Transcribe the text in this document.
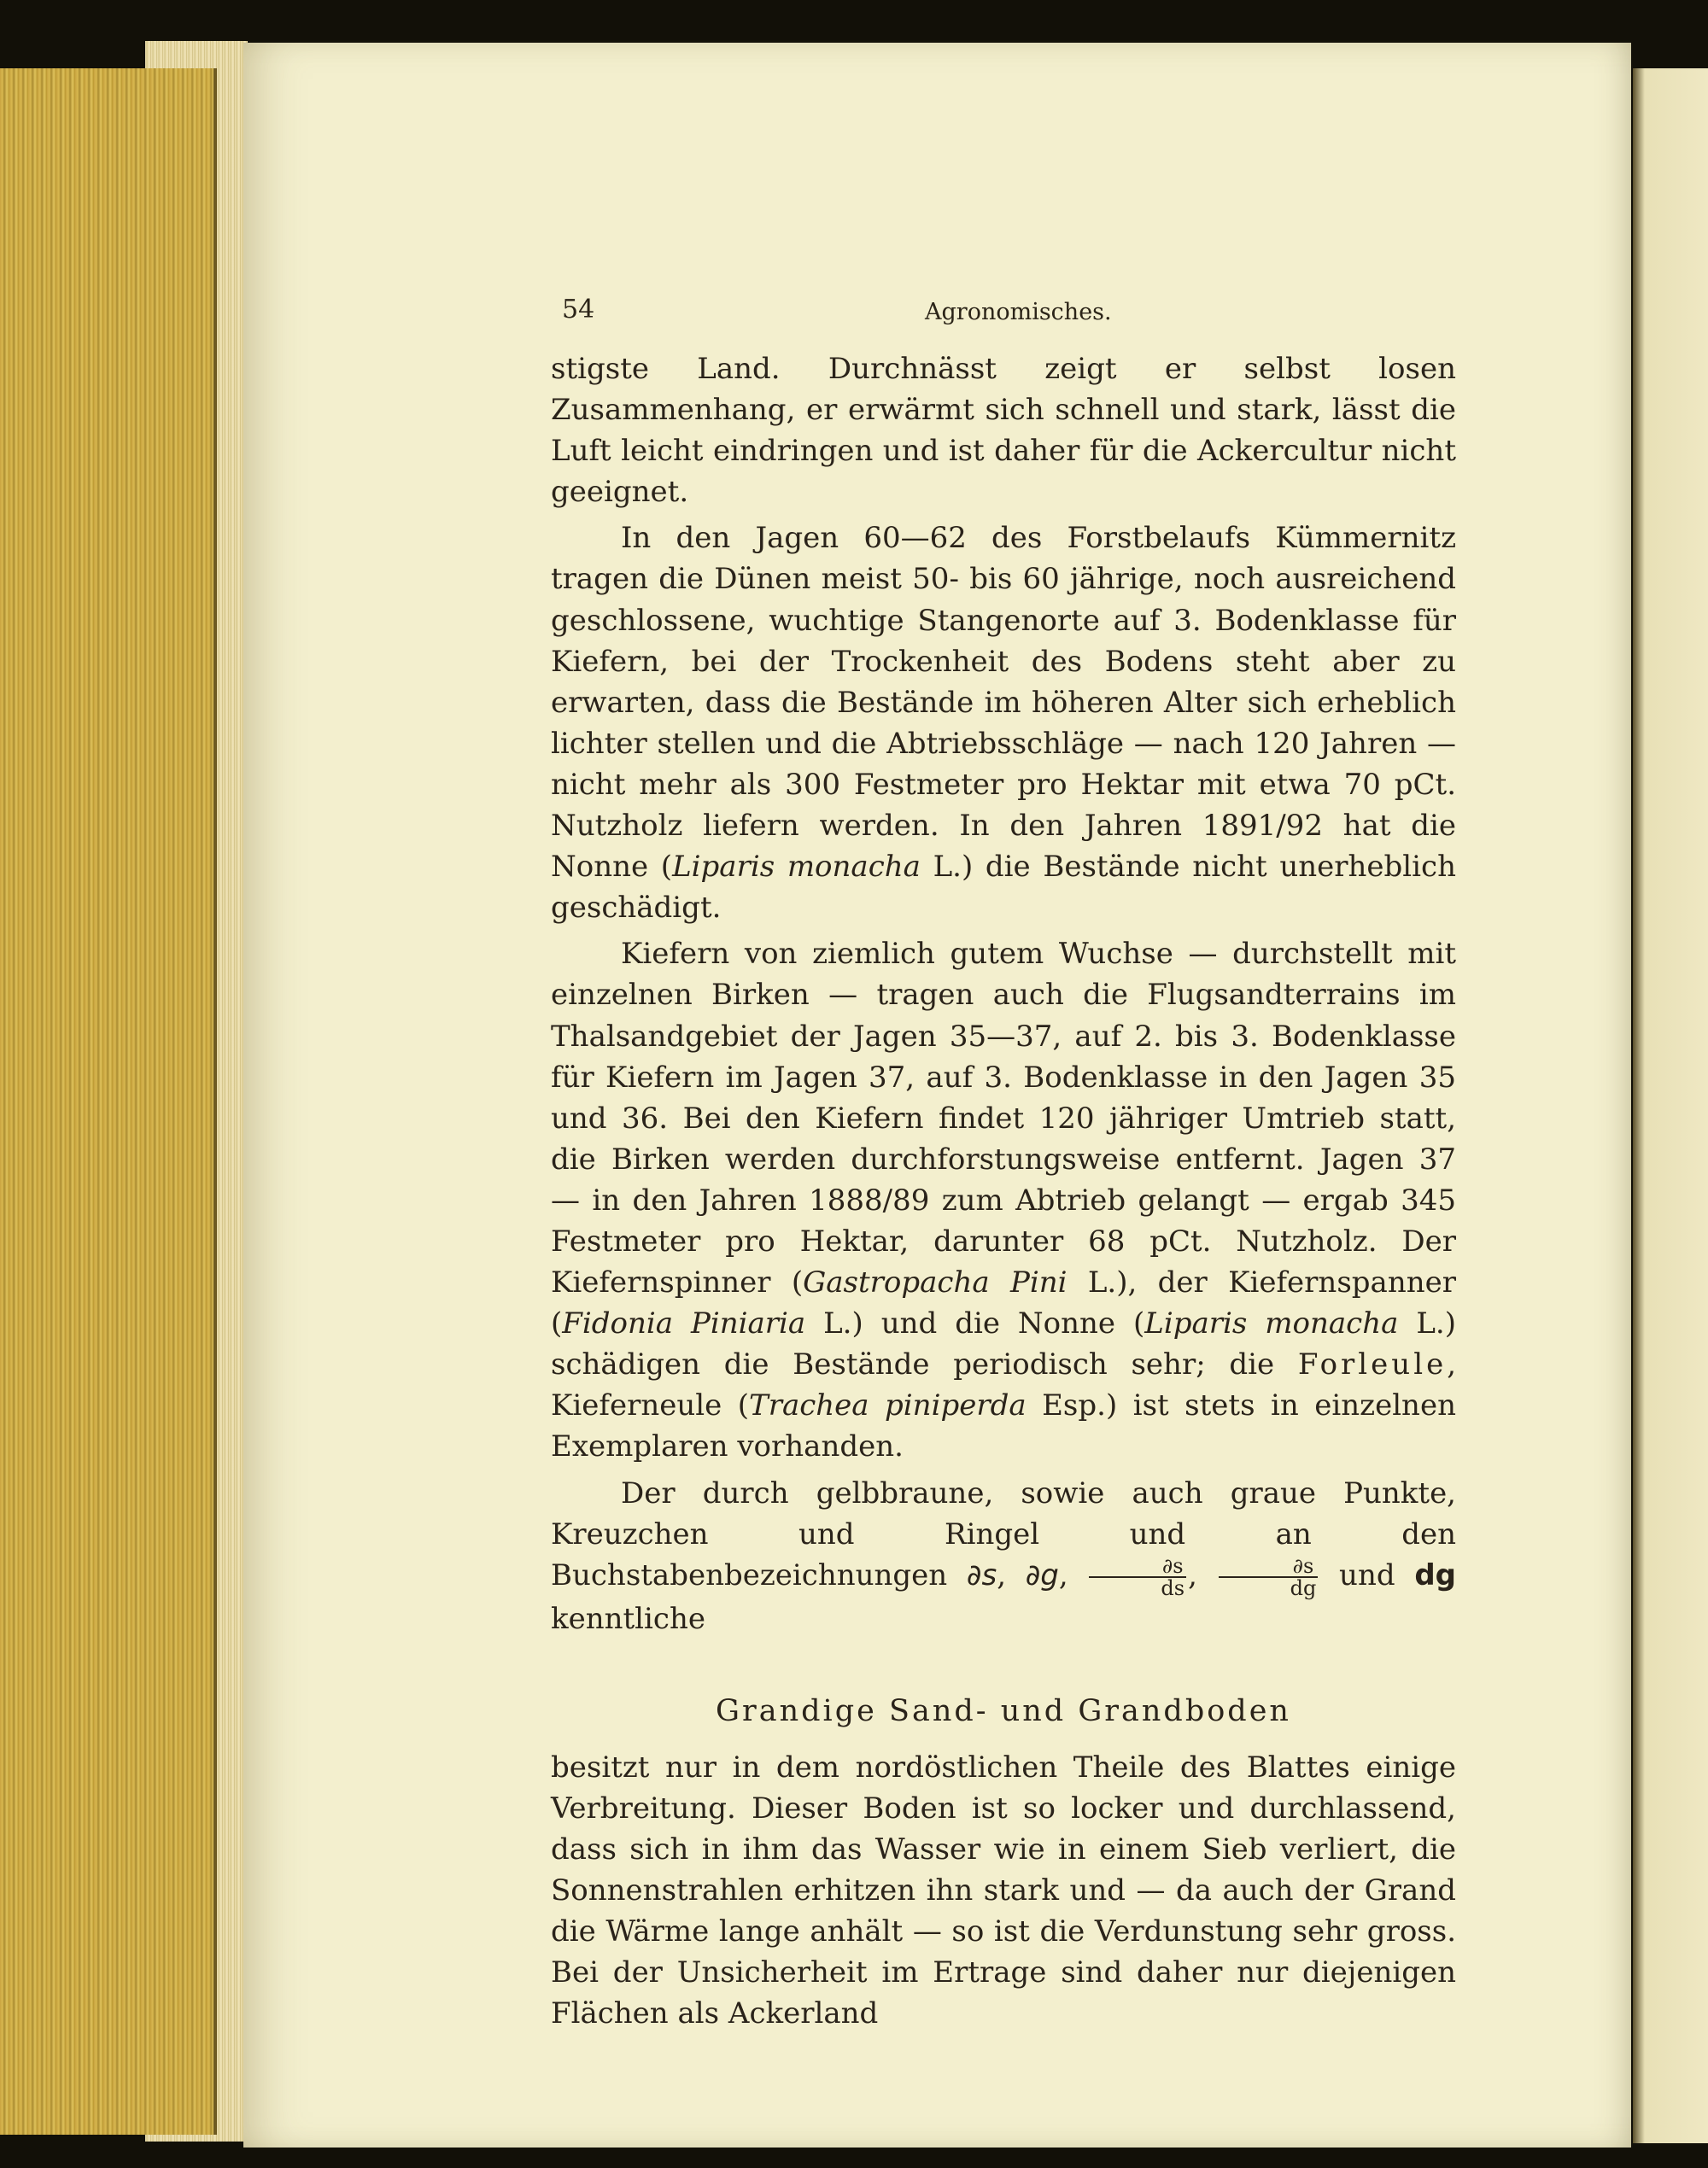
54	Agronomisches.

stigste Land. Durchnässt zeigt er selbst losen Zusammenhang, er erwärmt sich schnell und stark, lässt die Luft leicht eindringen und ist daher für die Ackercultur nicht geeignet.

In den Jagen 60—62 des Forstbelaufs Kümmernitz tragen die Dünen meist 50- bis 60 jährige, noch ausreichend geschlossene, wuchtige Stangenorte auf 3. Bodenklasse für Kiefern, bei der Trockenheit des Bodens steht aber zu erwarten, dass die Bestände im höheren Alter sich erheblich lichter stellen und die Abtriebsschläge — nach 120 Jahren — nicht mehr als 300 Festmeter pro Hektar mit etwa 70 pCt. Nutzholz liefern werden. In den Jahren 1891/92 hat die Nonne (Liparis monacha L.) die Bestände nicht unerheblich geschädigt.

Kiefern von ziemlich gutem Wuchse — durchstellt mit einzelnen Birken — tragen auch die Flugsandterrains im Thalsandgebiet der Jagen 35—37, auf 2. bis 3. Bodenklasse für Kiefern im Jagen 37, auf 3. Bodenklasse in den Jagen 35 und 36. Bei den Kiefern findet 120 jähriger Umtrieb statt, die Birken werden durchforstungsweise entfernt. Jagen 37 — in den Jahren 1888/89 zum Abtrieb gelangt — ergab 345 Festmeter pro Hektar, darunter 68 pCt. Nutzholz. Der Kiefernspinner (Gastropacha Pini L.), der Kiefernspanner (Fidonia Piniaria L.) und die Nonne (Liparis monacha L.) schädigen die Bestände periodisch sehr; die Forleule, Kieferneule (Trachea piniperda Esp.) ist stets in einzelnen Exemplaren vorhanden.

Der durch gelbbraune, sowie auch graue Punkte, Kreuzchen und Ringel und an den Buchstabenbezeichnungen ∂s, ∂g, $\frac{\partial s}{ds}$ , $\frac{\partial s}{dg}$ und dg kenntliche

Grandige Sand- und Grandboden

besitzt nur in dem nordöstlichen Theile des Blattes einige Verbreitung. Dieser Boden ist so locker und durchlassend, dass sich in ihm das Wasser wie in einem Sieb verliert, die Sonnenstrahlen erhitzen ihn stark und — da auch der Grand die Wärme lange anhält — so ist die Verdunstung sehr gross. Bei der Unsicherheit im Ertrage sind daher nur diejenigen Flächen als Ackerland
